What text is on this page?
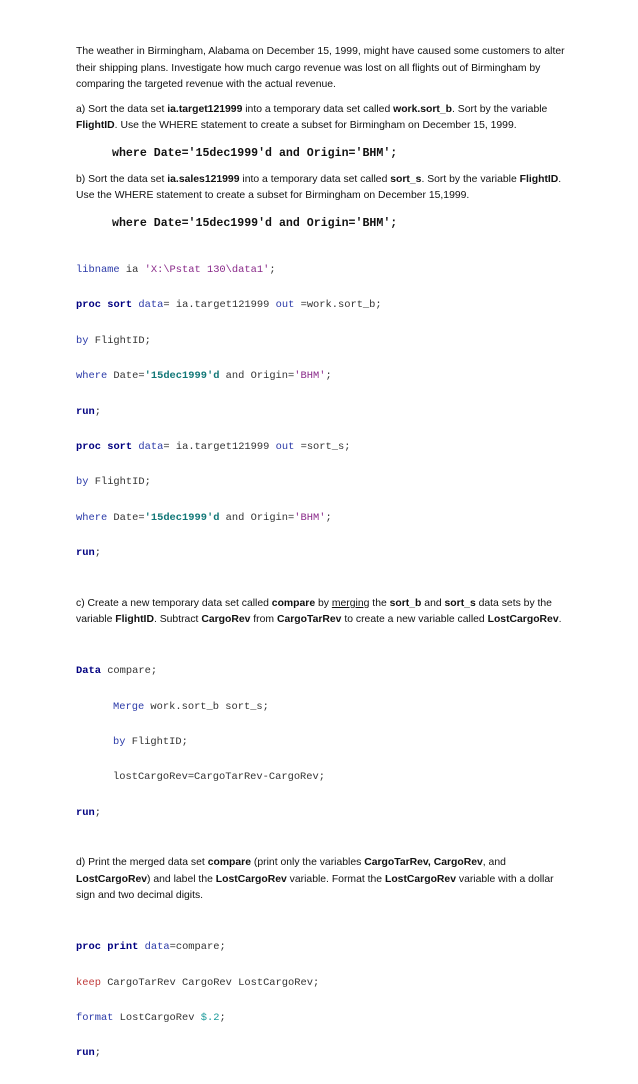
The weather in Birmingham, Alabama on December 15, 1999, might have caused some customers to alter their shipping plans. Investigate how much cargo revenue was lost on all flights out of Birmingham by comparing the targeted revenue with the actual revenue.

a) Sort the data set ia.target121999 into a temporary data set called work.sort_b. Sort by the variable FlightID. Use the WHERE statement to create a subset for Birmingham on December 15, 1999.

where Date='15dec1999'd and Origin='BHM';

b) Sort the data set ia.sales121999 into a temporary data set called sort_s. Sort by the variable FlightID. Use the WHERE statement to create a subset for Birmingham on December 15,1999.

where Date='15dec1999'd and Origin='BHM';

libname ia 'X:\Pstat 130\data1';

proc sort data= ia.target121999 out =work.sort_b;

by FlightID;

where Date='15dec1999'd and Origin='BHM';

run;

proc sort data= ia.target121999 out =sort_s;

by FlightID;

where Date='15dec1999'd and Origin='BHM';

run;

c) Create a new temporary data set called compare by merging the sort_b and sort_s data sets by the variable FlightID. Subtract CargoRev from CargoTarRev to create a new variable called LostCargoRev.

Data compare;

Merge work.sort_b sort_s;

by FlightID;

lostCargoRev=CargoTarRev-CargoRev;

run;

d) Print the merged data set compare (print only the variables CargoTarRev, CargoRev, and LostCargoRev) and label the LostCargoRev variable. Format the LostCargoRev variable with a dollar sign and two decimal digits.

proc print data=compare;

keep CargoTarRev CargoRev LostCargoRev;

format LostCargoRev $.2;

run;
